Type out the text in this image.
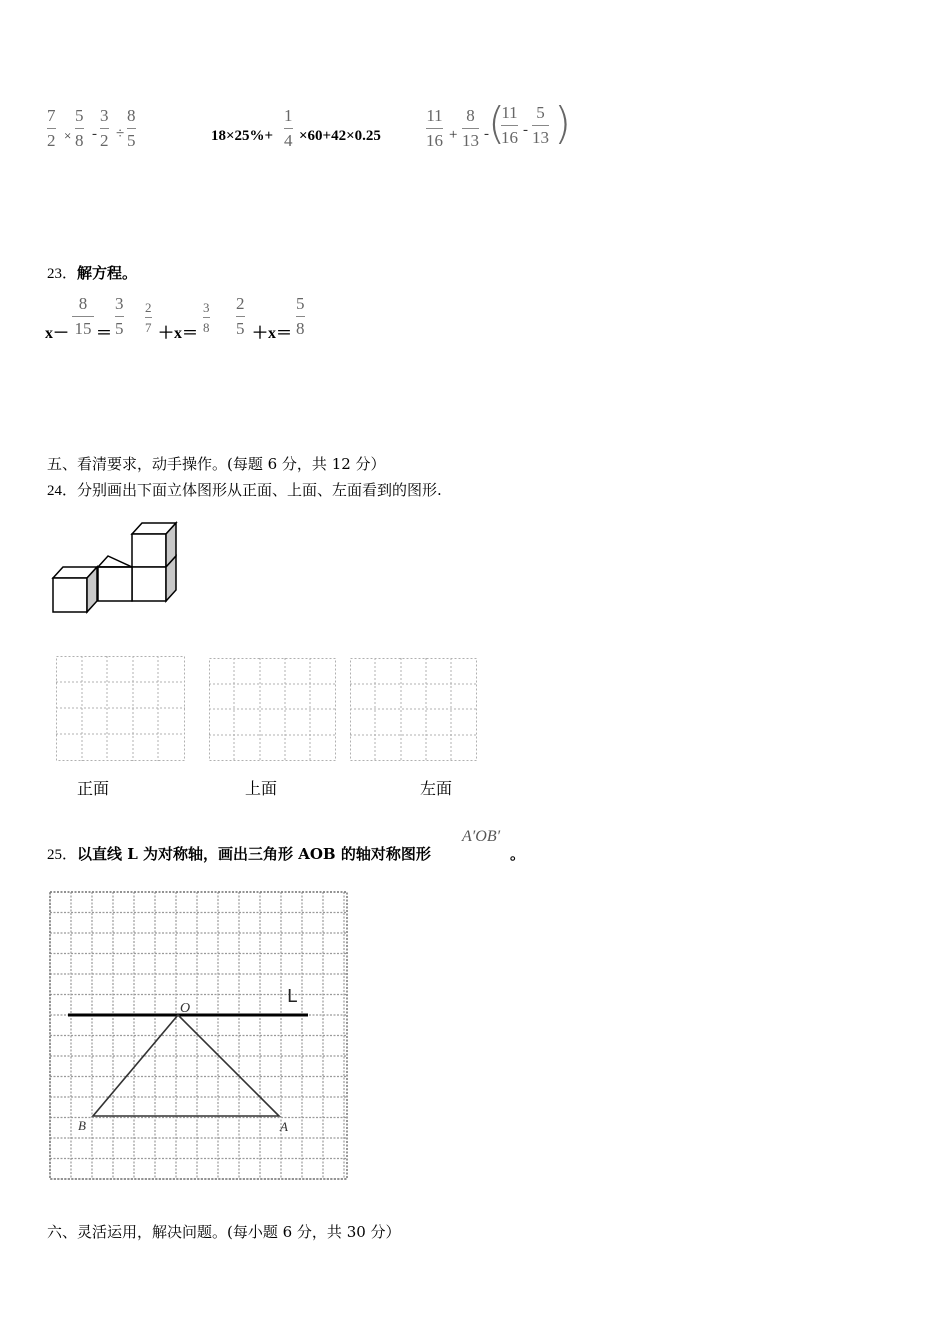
7
2 ×
5
8 -
3
2 ÷
8
5	18×25%+
1
4 ×60+42×0.25
11
16 +
8
13 - (
11
16 -
5
13 )
23．解方程。
x－
8
15 ＝
3
5
2
7 ＋x＝
3
8
2
5 ＋x＝
5
8
五、看清要求，动手操作。(每题 6 分，共 12 分）
24．分别画出下面立体图形从正面、上面、左面看到的图形.
正面	上面	左面
25．以直线 L 为对称轴，画出三角形 AOB 的轴对称图形
A′OB′
。
L
O
B	A
六、灵活运用，解决问题。(每小题 6 分，共 30 分）
